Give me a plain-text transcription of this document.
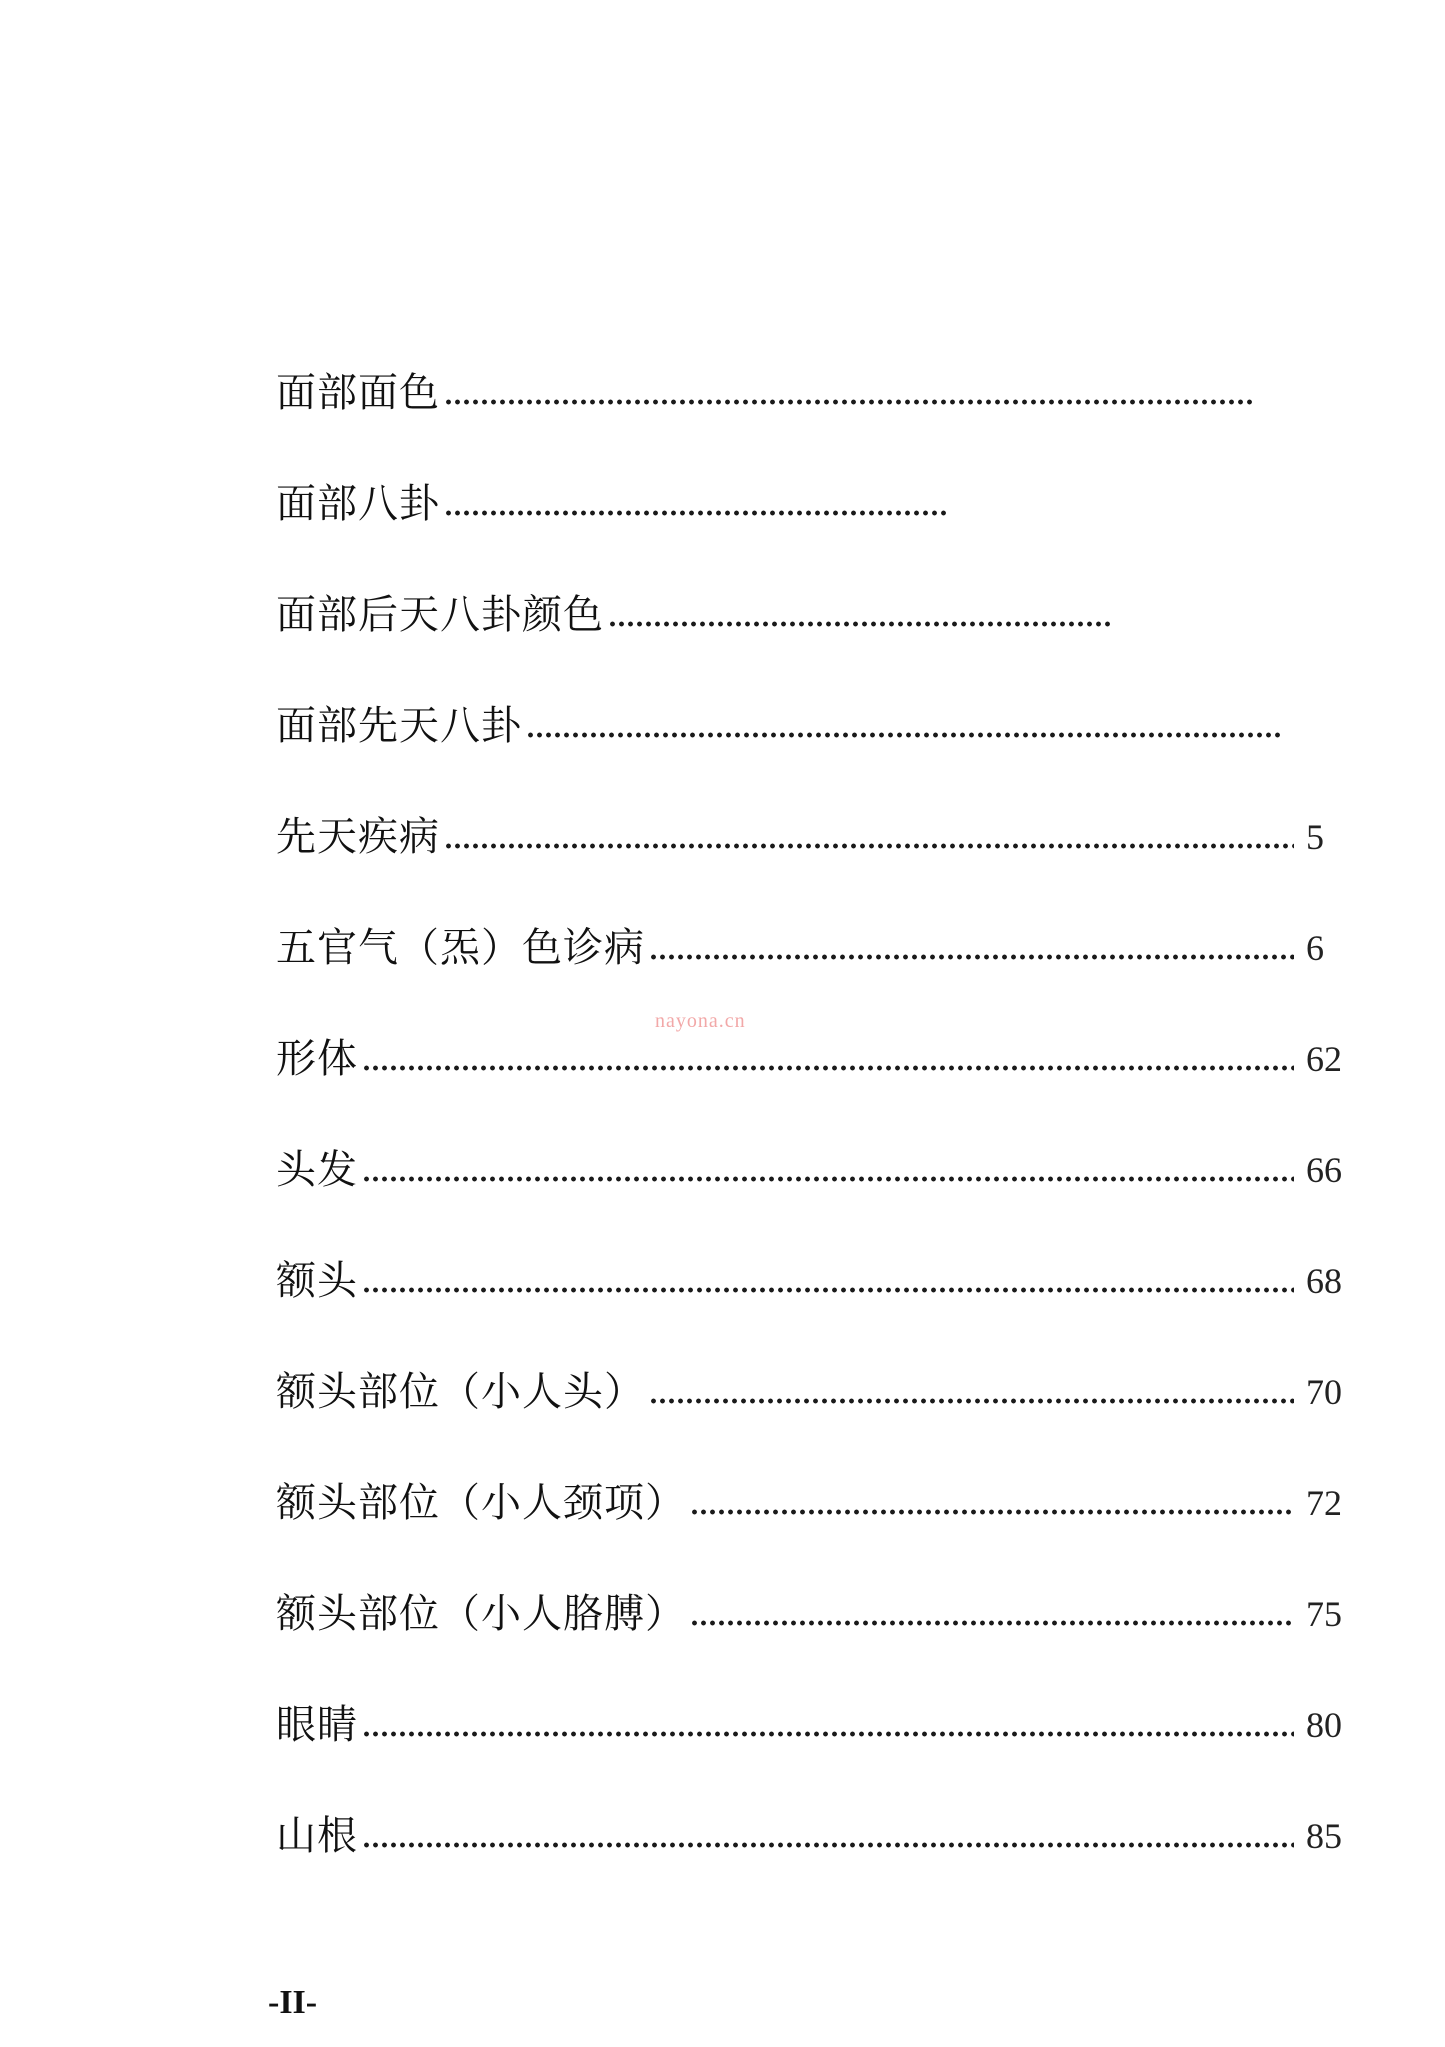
面部面色
面部八卦
面部后天八卦颜色
面部先天八卦
先天疾病	5
五官气（炁）色诊病	6
形体	62
头发	66
额头	68
额头部位（小人头）	70
额头部位（小人颈项）	72
额头部位（小人胳膊）	75
眼睛	80
山根	85
nayona.cn
-II-
